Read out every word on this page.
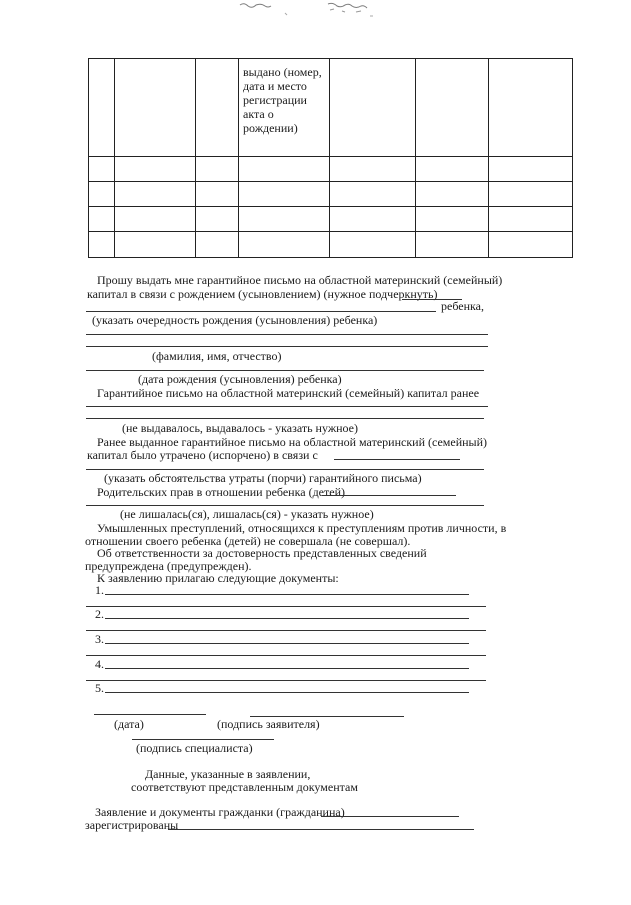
			выдано (номер, дата и место регистрации акта о рождении)			

Прошу выдать мне гарантийное письмо на областной материнский (семейный)
капитал в связи с рождением (усыновлением) (нужное подчеркнуть)
ребенка,
(указать очередность рождения (усыновления) ребенка)
(фамилия, имя, отчество)
(дата рождения (усыновления) ребенка)
Гарантийное письмо на областной материнский (семейный) капитал ранее
(не выдавалось, выдавалось - указать нужное)
Ранее выданное гарантийное письмо на областной материнский (семейный)
капитал было утрачено (испорчено) в связи с
(указать обстоятельства утраты (порчи) гарантийного письма)
Родительских прав в отношении ребенка (детей)
(не лишалась(ся), лишалась(ся) - указать нужное)
Умышленных преступлений, относящихся к преступлениям против личности, в
отношении своего ребенка (детей) не совершала (не совершал).
Об ответственности за достоверность представленных сведений
предупреждена (предупрежден).
К заявлению прилагаю следующие документы:
1.
2.
3.
4.
5.
(дата)	(подпись заявителя)
(подпись специалиста)
Данные, указанные в заявлении,
соответствуют представленным документам
Заявление и документы гражданки (гражданина)
зарегистрированы
